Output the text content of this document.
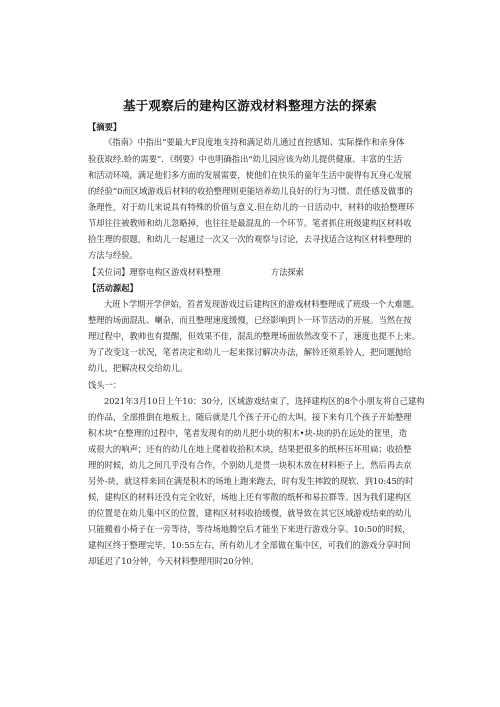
基于观察后的建构区游戏材料整理方法的探索
【摘要】
《指南》中指出“要最大F良度地支持和满足幼儿通过直控感知、实际操作和亲身体
验获取经.蛉的需要”．《纲要》中也明确指出“幼儿园应该为幼儿提供健康、丰富的生活
和活动环境，满足他们多方面的发展需要，使他们在快乐的童年生活中旋得有瓦身心发展
的经验”0而区域游戏后材料的收拾整理则更能培养幼儿良好的行为习惯、责任感及做事的
条理性，对于幼儿来说具有特殊的价值与意义.但在幼儿的一日活动中，材料的收拾整理环
节却往往被教师和幼儿忽略掉，也往往是最混乱的一个环节。笔者抓住班级建构区材料收
拾生理的很题，和幼儿一起通过一次又一次的观察与讨论，去寻找适合这构区材料整理的
方法与经验。
【关位词】理察电构区游戏材料整理	方法探索
【活动源起】
大班卜学期开学伊始，笞者发现游戏过后建构区的游戏材料整理成了班级一个大难题。
整理的场面混乱、喇杂，而且整理速度缓慢，已经影响到卜一环节活动的开展。当然在按
理过程中，教帅也有提醒，但效果不佳，混乱的整理场面依然改变不了，速度也提不上来。
为了改变这一状况，笔者决定和幼儿一起来探讨解决办法，解铃还须系铃人，把问题抛给
幼儿，把解决权交给幼儿。
饯头一：
2021年3月10日上午10：30分，区域游戏结束了，选择建构区的8个小朋友将自己建构
的作品，全部推倒在地板上，随后就是几个孩子开心的大叫，接下来有几个孩子开始整理
积木块“在整理的过程中，笔者发现有的幼儿把小块的积木•块-块的扔在远处的筐里，造
成很大的响声；还有的幼儿在地上爬着收拾积木块，结果把很多的纸杯压坏用扁；收拾整
理的时候，幼儿之间几乎没有合作，个别幼儿是贯一块积木放在材料柜子上，然后再去京
另外-块，就这样来回在满是积木的场地上跑来跑去，时有发生摔跤的现软．到10:45的时
候，建构区的材料还没有完全收好，场地上还有零散的纸杯和易拉群等。因为我们建构区
的位置是在幼儿集中区的位置，建构区材料收拾缓慢，就导致在其它区域游戏结束的幼儿
只能搬着小椅子在一旁等待，等待场地腾空后才能坐下来进行游戏分享。10:50的时候，
建构区终于整理完毕，10:55左右，所有幼儿才全部做在集中区，可我们的游戏分享时间
却延迟了10分钟，今天材料整理用时20分钟。
